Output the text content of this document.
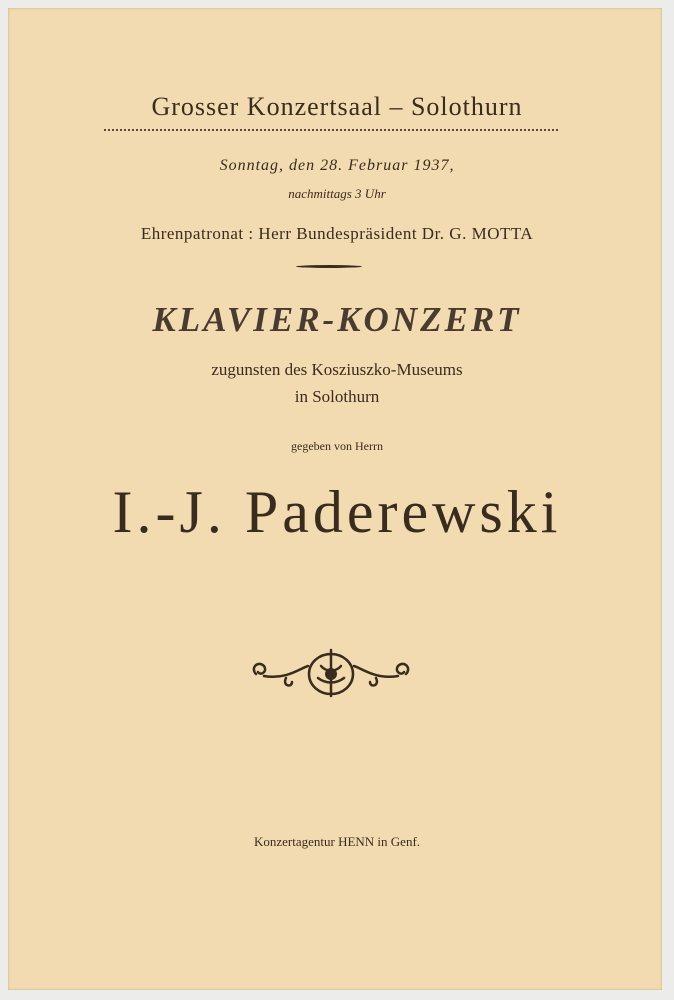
Grosser Konzertsaal – Solothurn
Sonntag, den 28. Februar 1937,
nachmittags 3 Uhr
Ehrenpatronat : Herr Bundespräsident Dr. G. MOTTA
KLAVIER-KONZERT
zugunsten des Kosziuszko-Museums
in Solothurn
gegeben von Herrn
I.-J. Paderewski
Konzertagentur HENN in Genf.
